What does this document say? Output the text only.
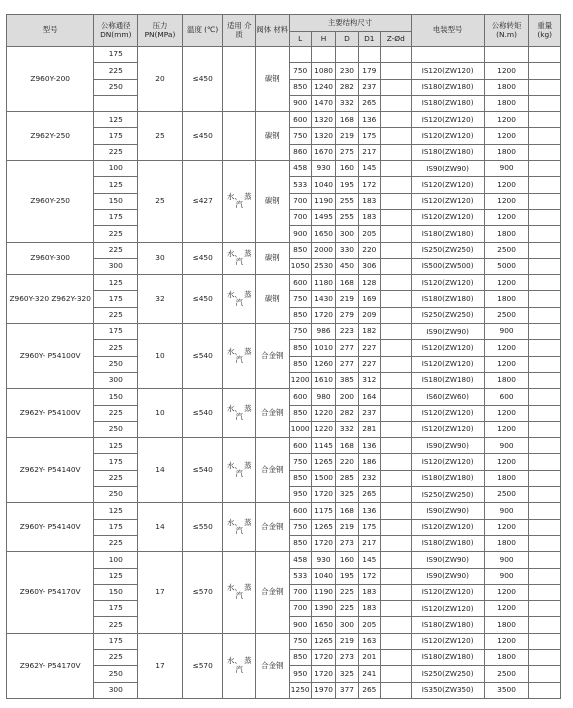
型号	公称通径 DN(mm)	压力 PN(MPa)	温度 (℃)	适用 介质	阀体 材料	主要结构尺寸					电装型号	公称转矩 (N.m)	重量 (kg)
						L	H	D	D1	Z-Ød			
Z960Y-200	175	20	≤450		碳钢								
	225					750	1080	230	179		IS120(ZW120)	1200	
	250					850	1240	282	237		IS180(ZW180)	1800	
						900	1470	332	265		IS180(ZW180)	1800	
Z962Y-250	125	25	≤450		碳钢	600	1320	168	136		IS120(ZW120)	1200	
	175					750	1320	219	175		IS120(ZW120)	1200	
	225					860	1670	275	217		IS180(ZW180)	1800	
Z960Y-250	100	25	≤427	水、 蒸汽	碳钢	458	930	160	145		IS90(ZW90)	900	
	125					533	1040	195	172		IS120(ZW120)	1200	
	150					700	1190	255	183		IS120(ZW120)	1200	
	175					700	1495	255	183		IS120(ZW120)	1200	
	225					900	1650	300	205		IS180(ZW180)	1800	
Z960Y-300	225	30	≤450	水、 蒸汽	碳钢	850	2000	330	220		IS250(ZW250)	2500	
	300					1050	2530	450	306		IS500(ZW500)	5000	
Z960Y-320 Z962Y-320	125	32	≤450	水、 蒸汽	碳钢	600	1180	168	128		IS120(ZW120)	1200	
	175					750	1430	219	169		IS180(ZW180)	1800	
	225					850	1720	279	209		IS250(ZW250)	2500	
Z960Y- P54100V	175	10	≤540	水、 蒸汽	合金钢	750	986	223	182		IS90(ZW90)	900	
	225					850	1010	277	227		IS120(ZW120)	1200	
	250					850	1260	277	227		IS120(ZW120)	1200	
	300					1200	1610	385	312		IS180(ZW180)	1800	
Z962Y- P54100V	150	10	≤540	水、 蒸汽	合金钢	600	980	200	164		IS60(ZW60)	600	
	225					850	1220	282	237		IS120(ZW120)	1200	
	250					1000	1220	332	281		IS120(ZW120)	1200	
Z962Y- P54140V	125	14	≤540	水、 蒸汽	合金钢	600	1145	168	136		IS90(ZW90)	900	
	175					750	1265	220	186		IS120(ZW120)	1200	
	225					850	1500	285	232		IS180(ZW180)	1800	
	250					950	1720	325	265		IS250(ZW250)	2500	
Z960Y- P54140V	125	14	≤550	水、 蒸汽	合金钢	600	1175	168	136		IS90(ZW90)	900	
	175					750	1265	219	175		IS120(ZW120)	1200	
	225					850	1720	273	217		IS180(ZW180)	1800	
Z960Y- P54170V	100	17	≤570	水、 蒸汽	合金钢	458	930	160	145		IS90(ZW90)	900	
	125					533	1040	195	172		IS90(ZW90)	900	
	150					700	1190	225	183		IS120(ZW120)	1200	
	175					700	1390	225	183		IS120(ZW120)	1200	
	225					900	1650	300	205		IS180(ZW180)	1800	
Z962Y- P54170V	175	17	≤570	水、 蒸汽	合金钢	750	1265	219	163		IS120(ZW120)	1200	
	225					850	1720	273	201		IS180(ZW180)	1800	
	250					950	1720	325	241		IS250(ZW250)	2500	
	300					1250	1970	377	265		IS350(ZW350)	3500	
